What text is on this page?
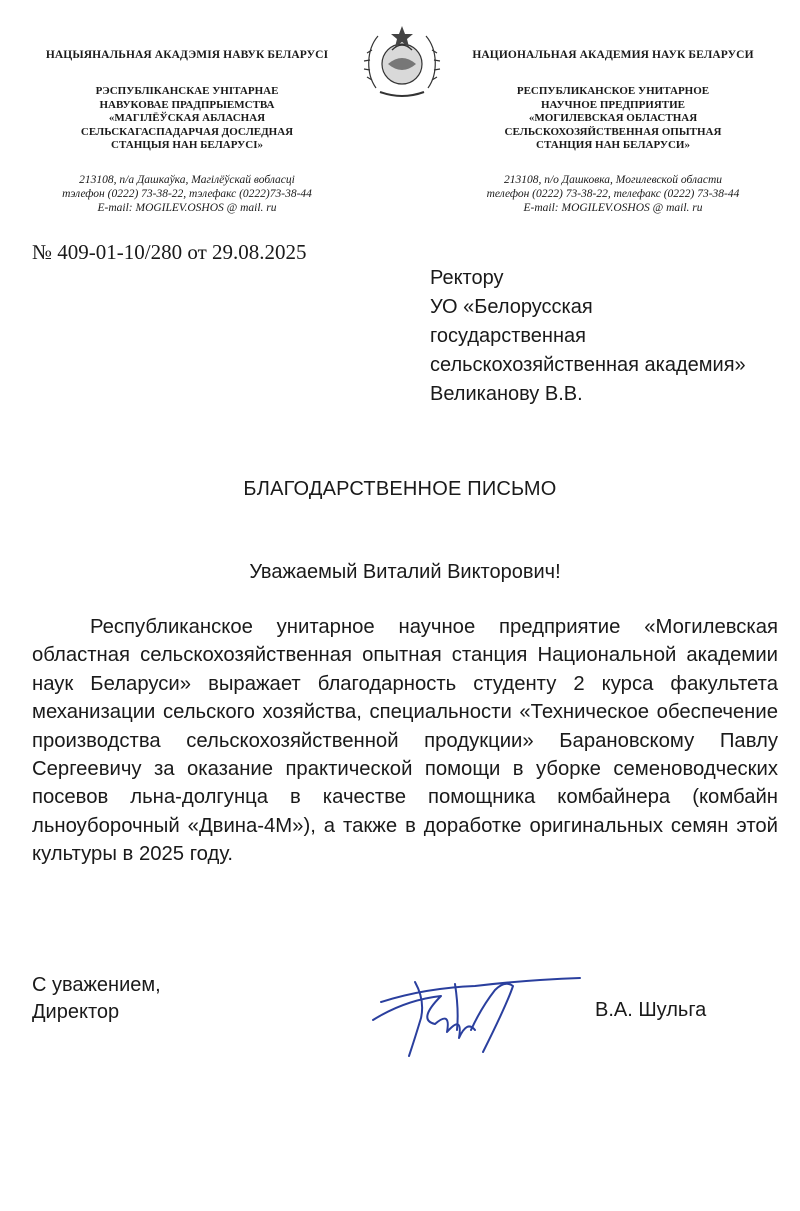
НАЦЫЯНАЛЬНАЯ АКАДЭМІЯ НАВУК БЕЛАРУСІ
РЭСПУБЛІКАНСКАЕ УНІТАРНАЕ
НАВУКОВАЕ ПРАДПРЫЕМСТВА
«МАГІЛЁЎСКАЯ АБЛАСНАЯ
СЕЛЬСКАГАСПАДАРЧАЯ ДОСЛЕДНАЯ
СТАНЦЫЯ НАН БЕЛАРУСІ»
213108, п/а Дашкаўка, Магілёўскай вобласці
тэлефон (0222) 73-38-22, тэлефакс (0222)73-38-44
E-mail: MOGILEV.OSHOS @ mail. ru
НАЦИОНАЛЬНАЯ АКАДЕМИЯ НАУК БЕЛАРУСИ
РЕСПУБЛИКАНСКОЕ УНИТАРНОЕ
НАУЧНОЕ ПРЕДПРИЯТИЕ
«МОГИЛЕВСКАЯ ОБЛАСТНАЯ
СЕЛЬСКОХОЗЯЙСТВЕННАЯ ОПЫТНАЯ
СТАНЦИЯ НАН БЕЛАРУСИ»
213108, п/о Дашковка, Могилевской области
телефон (0222) 73-38-22, телефакс (0222) 73-38-44
E-mail: MOGILEV.OSHOS @ mail. ru
№ 409-01-10/280 от 29.08.2025
Ректору
УО «Белорусская
государственная
сельскохозяйственная академия»
Великанову В.В.
БЛАГОДАРСТВЕННОЕ ПИСЬМО
Уважаемый Виталий Викторович!

Республиканское унитарное научное предприятие «Могилевская областная сельскохозяйственная опытная станция Национальной академии наук Беларуси» выражает благодарность студенту 2 курса факультета механизации сельского хозяйства, специальности «Техническое обеспечение производства сельскохозяйственной продукции» Барановскому Павлу Сергеевичу за оказание практической помощи в уборке семеноводческих посевов льна-долгунца в качестве помощника комбайнера (комбайн льноуборочный «Двина-4М»), а также в доработке оригинальных семян этой культуры в 2025 году.

С уважением,
Директор	В.А. Шульга
